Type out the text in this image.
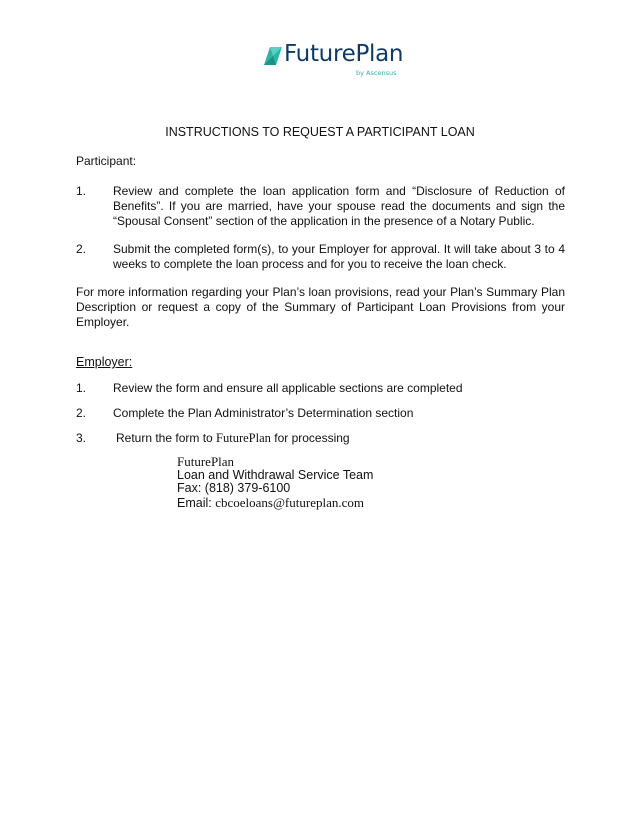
FuturePlan
by Ascensus
INSTRUCTIONS TO REQUEST A PARTICIPANT LOAN
Participant:
1. Review and complete the loan application form and “Disclosure of Reduction of Benefits”. If you are married, have your spouse read the documents and sign the “Spousal Consent” section of the application in the presence of a Notary Public.
2. Submit the completed form(s), to your Employer for approval. It will take about 3 to 4 weeks to complete the loan process and for you to receive the loan check.
For more information regarding your Plan’s loan provisions, read your Plan’s Summary Plan Description or request a copy of the Summary of Participant Loan Provisions from your Employer.
Employer:
1. Review the form and ensure all applicable sections are completed
2. Complete the Plan Administrator’s Determination section
3. Return the form to FuturePlan for processing
FuturePlan
Loan and Withdrawal Service Team
Fax: (818) 379-6100
Email: cbcoeloans@futureplan.com
